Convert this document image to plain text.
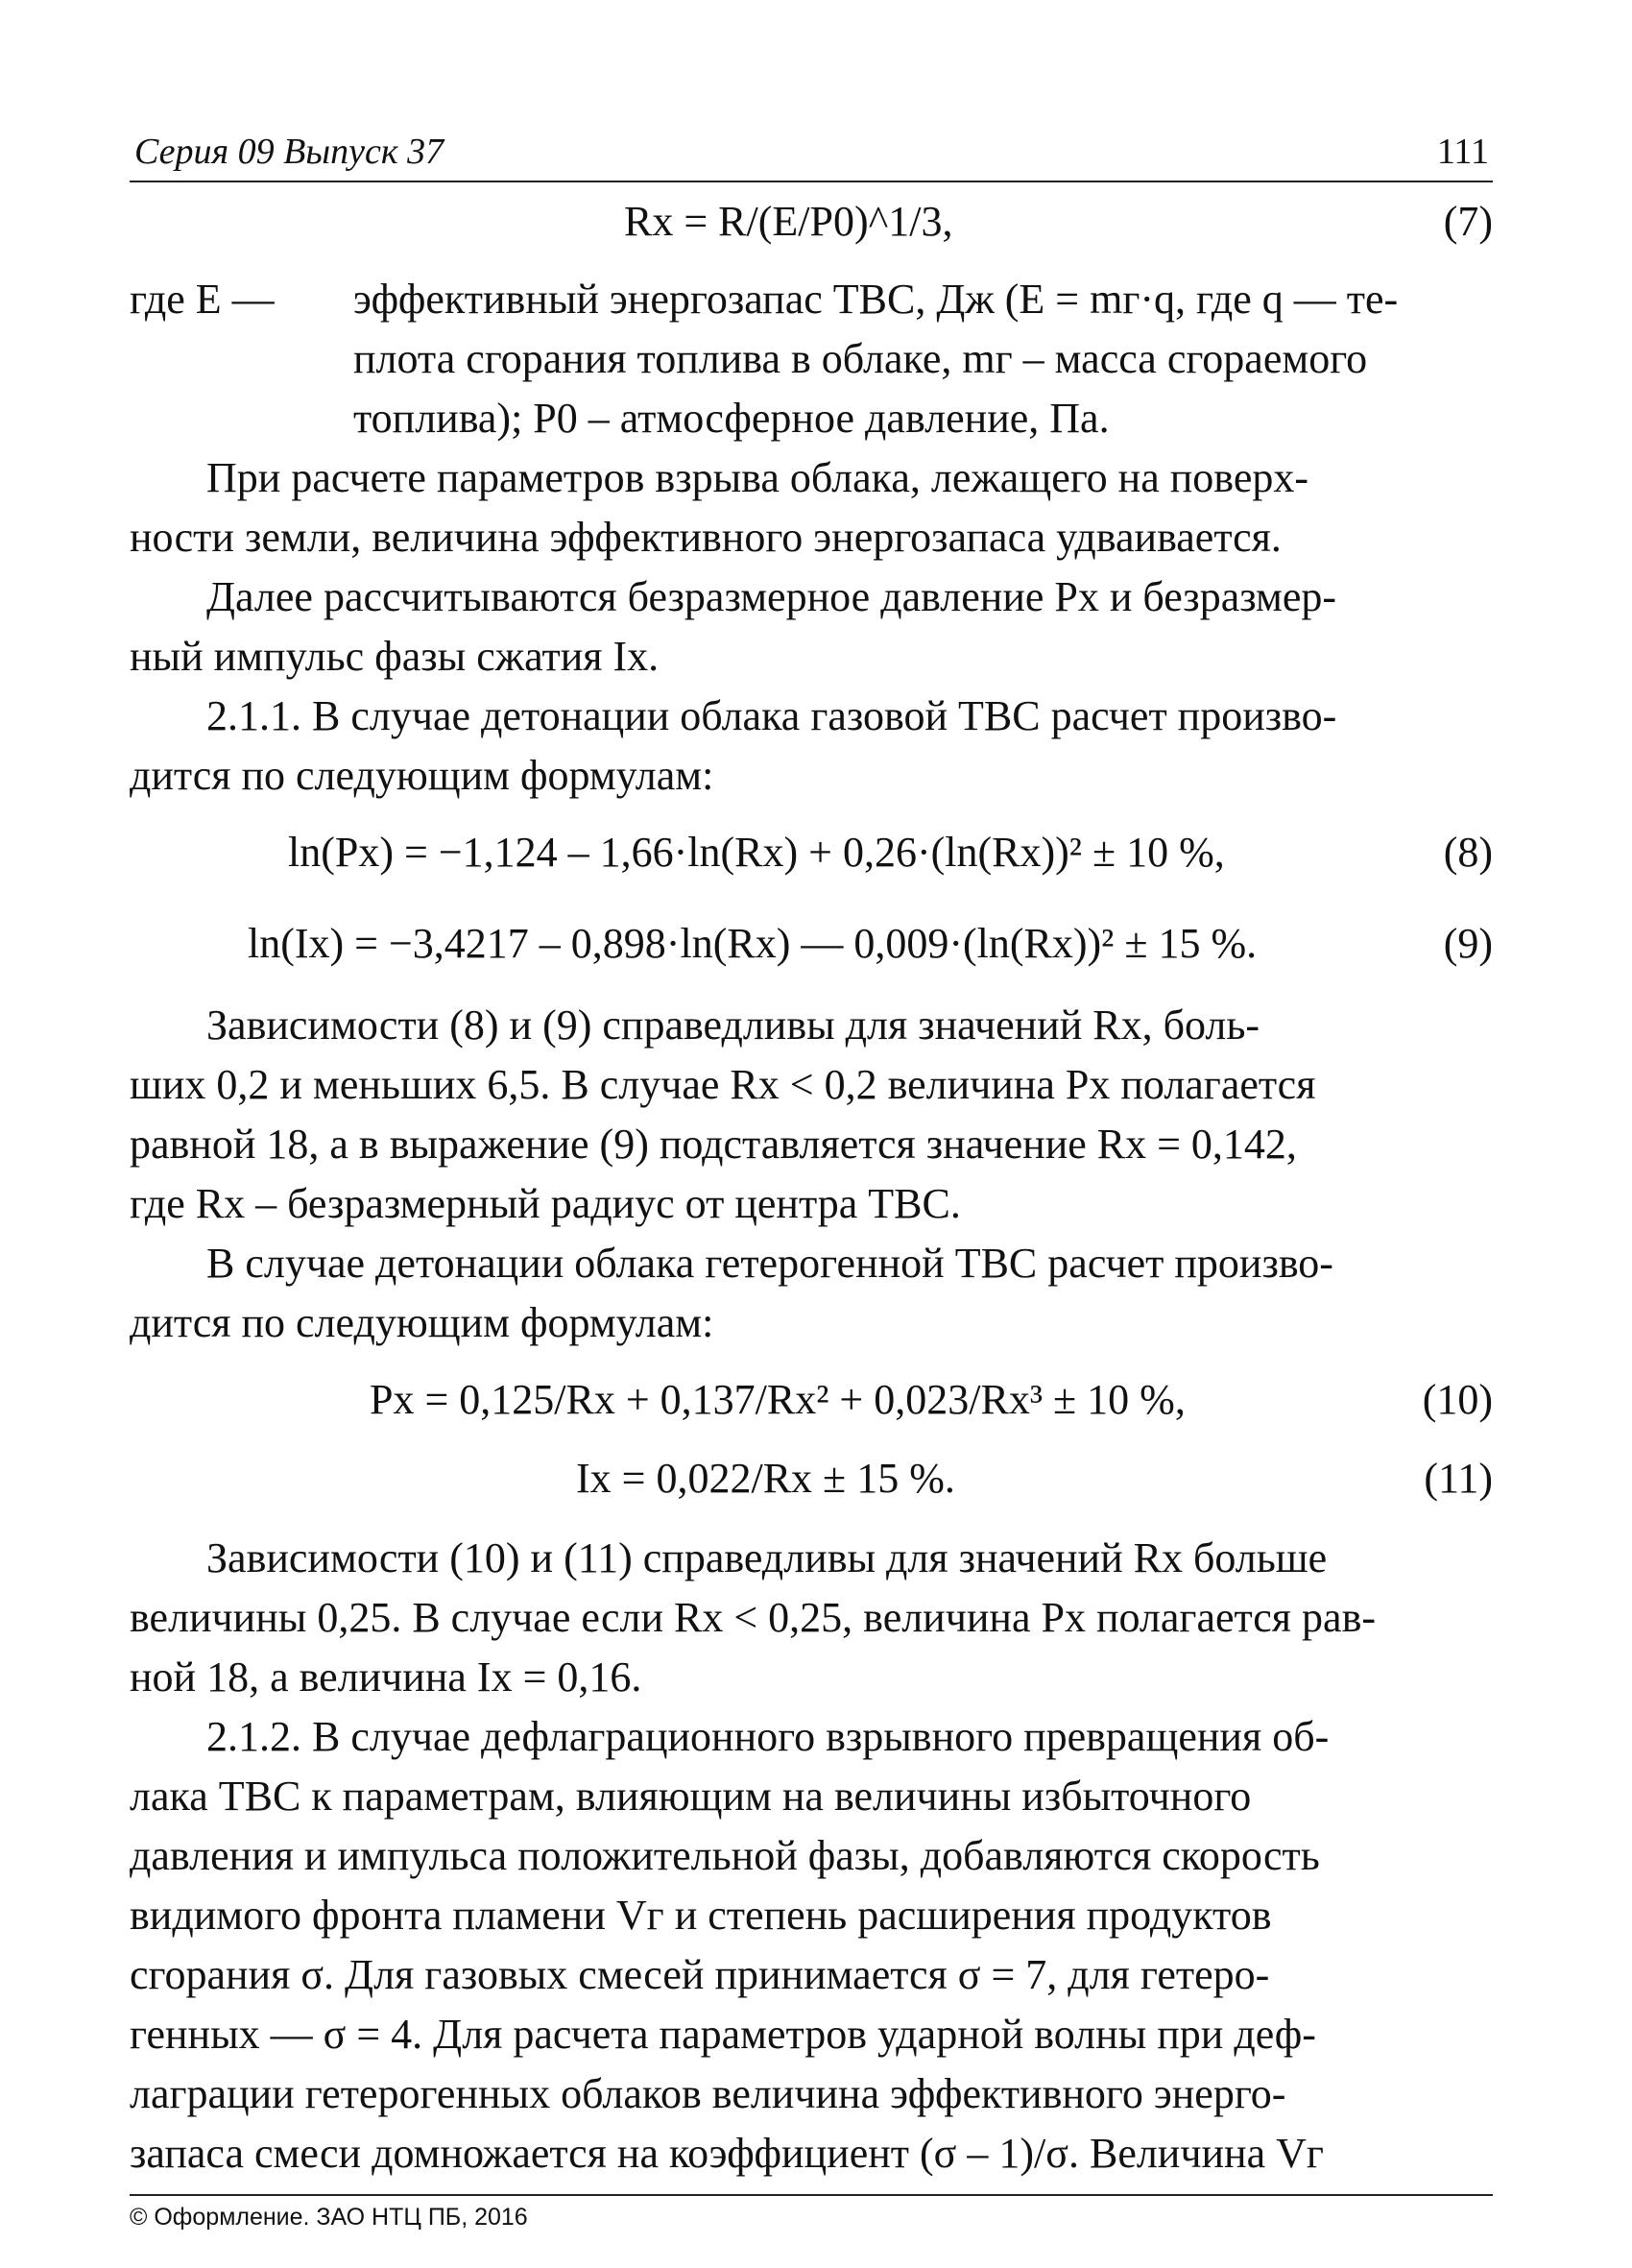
Серия 09 Выпуск 37	111
Rx = R/(E/P0)^1/3,	(7)
где E — эффективный энергозапас ТВС, Дж (E = mг·q, где q — те-
плота сгорания топлива в облаке, mг – масса сгораемого
топлива); P0 – атмосферное давление, Па.
При расчете параметров взрыва облака, лежащего на поверх-
ности земли, величина эффективного энергозапаса удваивается.
Далее рассчитываются безразмерное давление Px и безразмер-
ный импульс фазы сжатия Ix.
2.1.1. В случае детонации облака газовой ТВС расчет произво-
дится по следующим формулам:
ln(Px) = −1,124 – 1,66·ln(Rx) + 0,26·(ln(Rx))² ± 10 %,	(8)
ln(Ix) = −3,4217 – 0,898·ln(Rx) — 0,009·(ln(Rx))² ± 15 %.	(9)
Зависимости (8) и (9) справедливы для значений Rx, боль-
ших 0,2 и меньших 6,5. В случае Rx < 0,2 величина Px полагается
равной 18, а в выражение (9) подставляется значение Rx = 0,142,
где Rx – безразмерный радиус от центра ТВС.
В случае детонации облака гетерогенной ТВС расчет произво-
дится по следующим формулам:
Px = 0,125/Rx + 0,137/Rx² + 0,023/Rx³ ± 10 %,	(10)
Ix = 0,022/Rx ± 15 %.	(11)
Зависимости (10) и (11) справедливы для значений Rx больше
величины 0,25. В случае если Rx < 0,25, величина Px полагается рав-
ной 18, а величина Ix = 0,16.
2.1.2. В случае дефлаграционного взрывного превращения об-
лака ТВС к параметрам, влияющим на величины избыточного
давления и импульса положительной фазы, добавляются скорость
видимого фронта пламени Vг и степень расширения продуктов
сгорания σ. Для газовых смесей принимается σ = 7, для гетеро-
генных — σ = 4. Для расчета параметров ударной волны при деф-
лаграции гетерогенных облаков величина эффективного энерго-
запаса смеси домножается на коэффициент (σ – 1)/σ. Величина Vг
© Оформление. ЗАО НТЦ ПБ, 2016
